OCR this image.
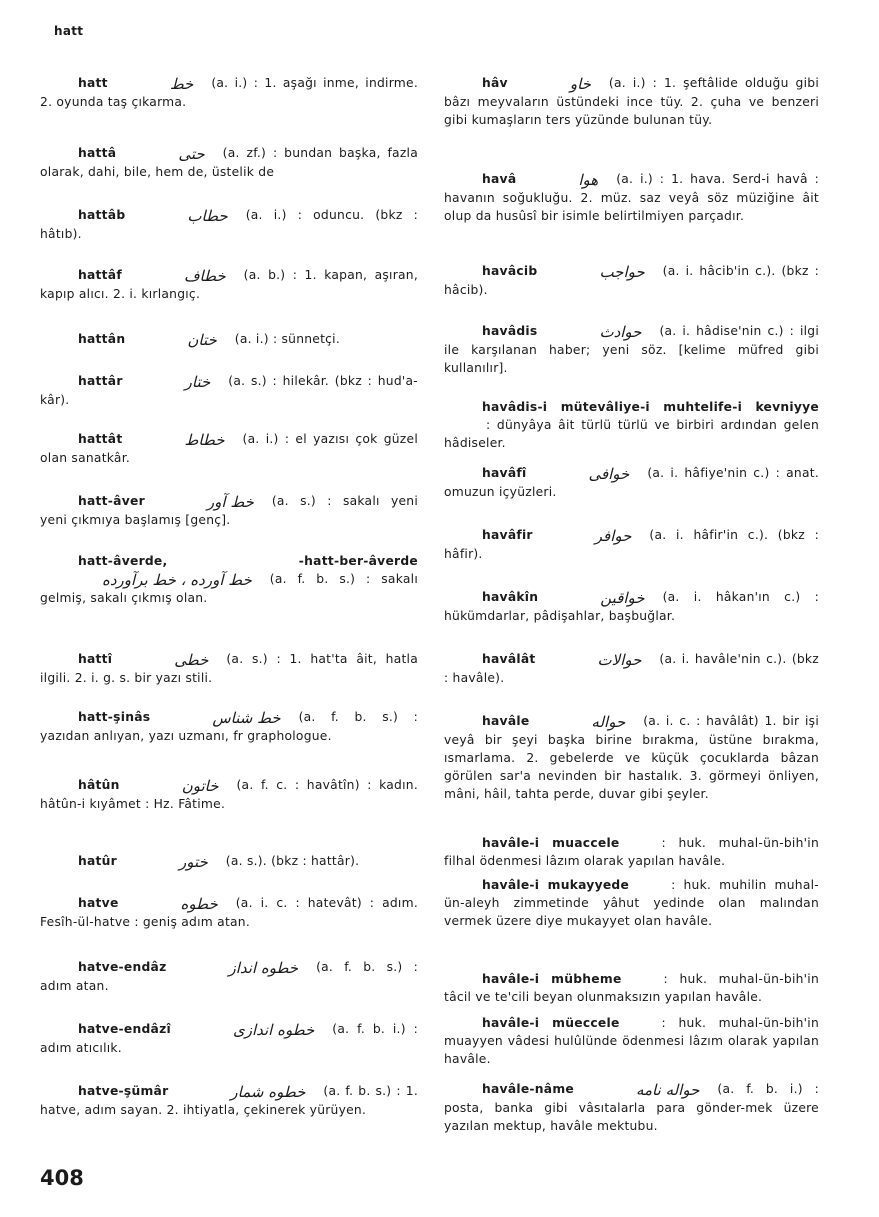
hatt
hatt	خط (a. i.) : 1. aşağı inme, indirme. 2. oyunda taş çıkarma.
hattâ	حتى (a. zf.) : bundan başka, fazla olarak, dahi, bile, hem de, üstelik de
hattâb	حطاب (a. i.) : oduncu. (bkz : hâtıb).
hattâf	خطاف (a. b.) : 1. kapan, aşıran, kapıp alıcı. 2. i. kırlangıç.
hattân	ختان (a. i.) : sünnetçi.
hattâr	ختار (a. s.) : hilekâr. (bkz : hud'a-kâr).
hattât	خطاط (a. i.) : el yazısı çok güzel olan sanatkâr.
hatt-âver	خط آور (a. s.) : sakalı yeni yeni çıkmıya başlamış [genç].
hatt-âverde, -hatt-ber-âverdeخط آورده ، خط برآورده (a. f. b. s.) : sakalı gelmiş, sakalı çıkmış olan.
hattî	خطى (a. s.) : 1. hat'ta âit, hatla ilgili. 2. i. g. s. bir yazı stili.
hatt-şinâs	خط شناس (a. f. b. s.) : yazıdan anlıyan, yazı uzmanı, fr graphologue.
hâtûn	خاتون (a. f. c. : havâtîn) : kadın. hâtûn-i kıyâmet : Hz. Fâtime.
hatûr	ختور (a. s.). (bkz : hattâr).
hatve	خطوه (a. i. c. : hatevât) : adım. Fesîh-ül-hatve : geniş adım atan.
hatve-endâz	خطوه انداز (a. f. b. s.) : adım atan.
hatve-endâzî	خطوه اندازى (a. f. b. i.) : adım atıcılık.
hatve-şümâr	خطوه شمار (a. f. b. s.) : 1. hatve, adım sayan. 2. ihtiyatla, çekinerek yürüyen.
hâv	خاو (a. i.) : 1. şeftâlide olduğu gibi bâzı meyvaların üstündeki ince tüy. 2. çuha ve benzeri gibi kumaşların ters yüzünde bulunan tüy.
havâ	هوا (a. i.) : 1. hava. Serd-i havâ : havanın soğukluğu. 2. müz. saz veyâ söz müziğine âit olup da husûsî bir isimle belirtilmiyen parçadır.
havâcib	حواجب (a. i. hâcib'in c.). (bkz : hâcib).
havâdis	حوادث (a. i. hâdise'nin c.) : ilgi ile karşılanan haber; yeni söz. [kelime müfred gibi kullanılır].
havâdis-i mütevâliye-i muhtelife-i kevniyye: dünyâya âit türlü türlü ve birbiri ardından gelen hâdiseler.
havâfî	خوافى (a. i. hâfiye'nin c.) : anat. omuzun içyüzleri.
havâfir	حوافر (a. i. hâfir'in c.). (bkz : hâfir).
havâkîn	خواقين (a. i. hâkan'ın c.) : hükümdarlar, pâdişahlar, başbuğlar.
havâlât	حوالات (a. i. havâle'nin c.). (bkz : havâle).
havâle	حواله (a. i. c. : havâlât) 1. bir işi veyâ bir şeyi başka birine bırakma, üstüne bırakma, ısmarlama. 2. gebelerde ve küçük çocuklarda bâzan görülen sar'a nevinden bir hastalık. 3. görmeyi önliyen, mâni, hâil, tahta perde, duvar gibi şeyler.
havâle-i muaccele	: huk. muhal-ün-bih'in filhal ödenmesi lâzım olarak yapılan havâle.
havâle-i mukayyede	: huk. muhilin muhal-ün-aleyh zimmetinde yâhut yedinde olan malından vermek üzere diye mukayyet olan havâle.
havâle-i mübheme	: huk. muhal-ün-bih'in tâcil ve te'cili beyan olunmaksızın yapılan havâle.
havâle-i müeccele	: huk. muhal-ün-bih'in muayyen vâdesi hulûlünde ödenmesi lâzım olarak yapılan havâle.
havâle-nâme	حواله نامه (a. f. b. i.) : posta, banka gibi vâsıtalarla para gönder-mek üzere yazılan mektup, havâle mektubu.
408
